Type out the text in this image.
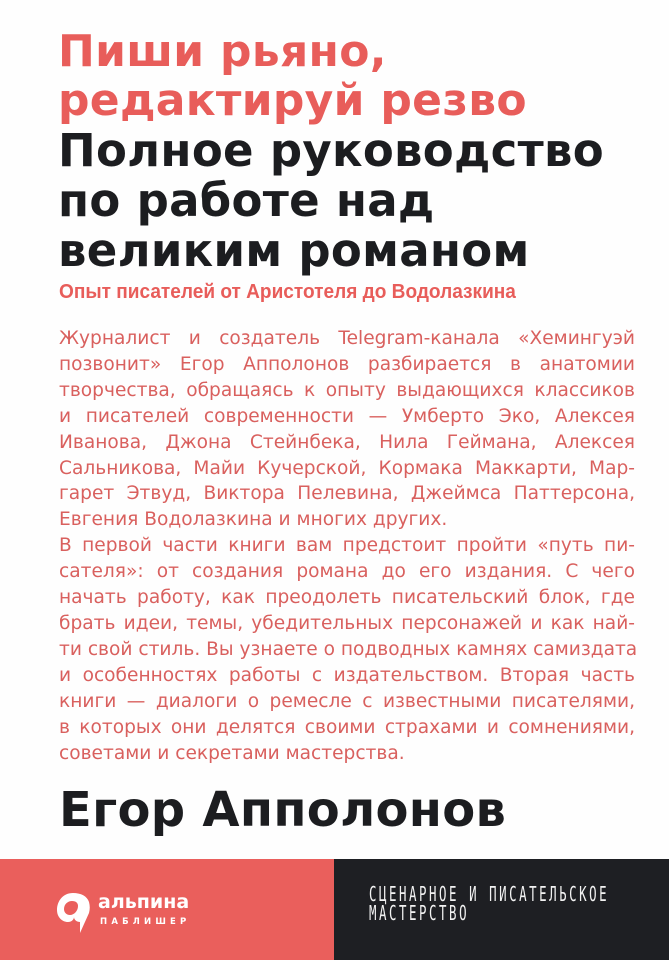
Пиши рьяно,
редактируй резво
Полное руководство
по работе над
великим романом
Опыт писателей от Аристотеля до Водолазкина
Журналист и создатель Telegram-канала «Хемингуэй
позвонит» Егор Апполонов разбирается в анатомии
творчества, обращаясь к опыту выдающихся классиков
и писателей современности — Умберто Эко, Алексея
Иванова, Джона Стейнбека, Нила Геймана, Алексея
Сальникова, Майи Кучерской, Кормака Маккарти, Мар-
гарет Этвуд, Виктора Пелевина, Джеймса Паттерсона,
Евгения Водолазкина и многих других.
В первой части книги вам предстоит пройти «путь пи-
сателя»: от создания романа до его издания. С чего
начать работу, как преодолеть писательский блок, где
брать идеи, темы, убедительных персонажей и как най-
ти свой стиль. Вы узнаете о подводных камнях самиздата
и особенностях работы с издательством. Вторая часть
книги — диалоги о ремесле с известными писателями,
в которых они делятся своими страхами и сомнениями,
советами и секретами мастерства.
Егор Апполонов
альпина
ПАБЛИШЕР
СЦЕНАРНОЕ И ПИСАТЕЛЬСКОЕ
МАСТЕРСТВО
